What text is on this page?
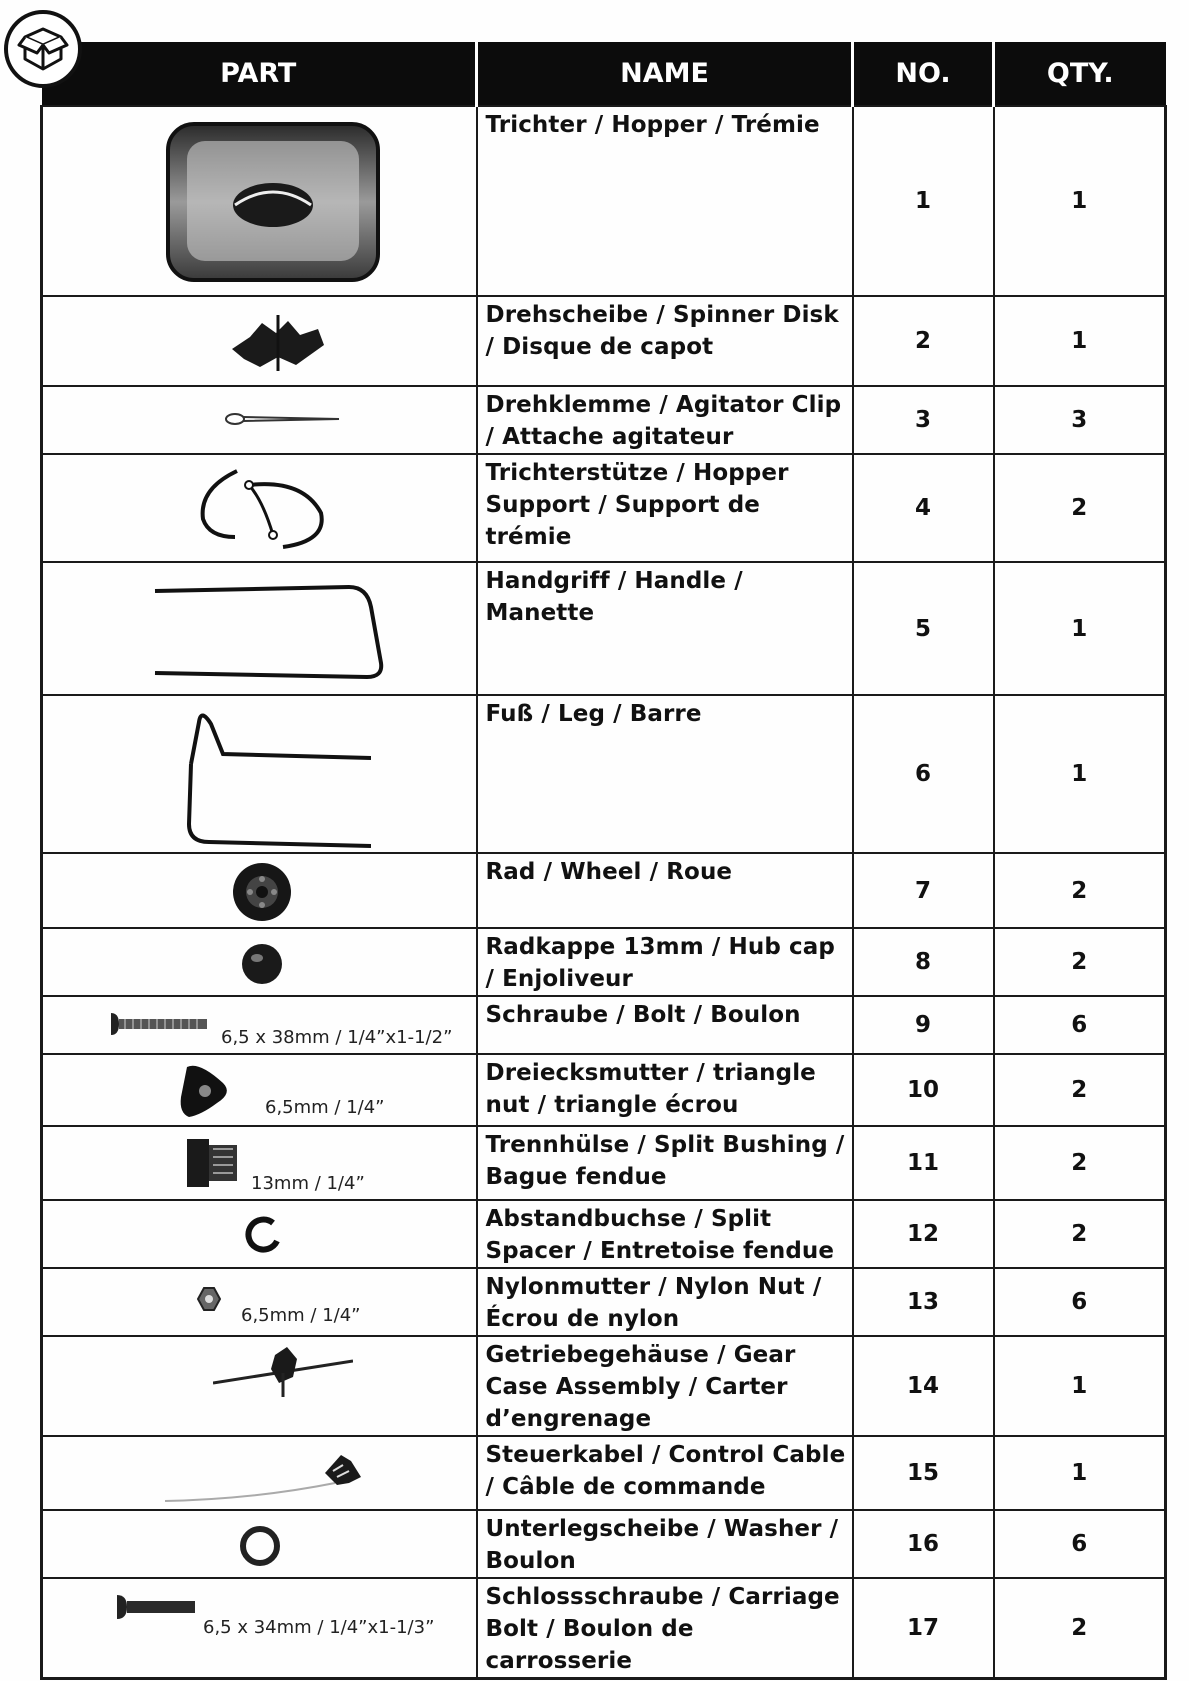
PART	NAME	NO.	QTY.

	Trichter / Hopper / Trémie	1	1

	Drehscheibe / Spinner Disk / Disque de capot	2	1

	Drehklemme / Agitator Clip / Attache agitateur	3	3

	Trichterstütze / Hopper Support / Support de trémie	4	2

	Handgriff / Handle / Manette	5	1

	Fuß / Leg / Barre	6	1

	Rad / Wheel / Roue	7	2

	Radkappe 13mm / Hub cap / Enjoliveur	8	2

6,5 x 38mm / 1/4”x1-1/2”	Schraube / Bolt / Boulon	9	6

6,5mm / 1/4”	Dreiecksmutter / triangle nut / triangle écrou	10	2

13mm / 1/4”	Trennhülse / Split Bushing / Bague fendue	11	2

	Abstandbuchse / Split Spacer / Entretoise fendue	12	2

6,5mm / 1/4”	Nylonmutter / Nylon Nut / Écrou de nylon	13	6

	Getriebegehäuse / Gear Case Assembly / Carter d’engrenage	14	1

	Steuerkabel / Control Cable / Câble de commande	15	1

	Unterlegscheibe / Washer / Boulon	16	6

6,5 x 34mm / 1/4”x1-1/3”	Schlossschraube / Carriage Bolt / Boulon de carrosserie	17	2
